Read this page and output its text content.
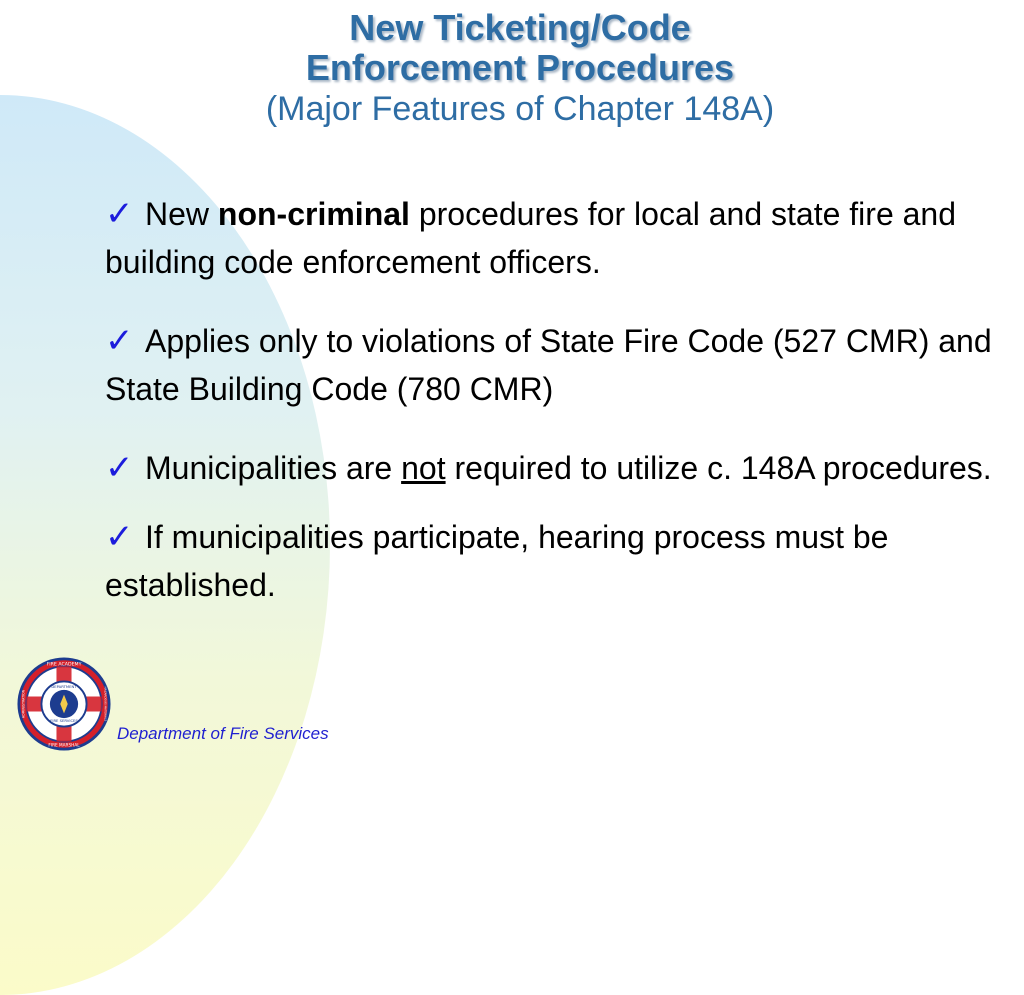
New Ticketing/Code
Enforcement Procedures
(Major Features of Chapter 148A)
✓ New non-criminal procedures for local and state fire and building code enforcement officers.
✓ Applies only to violations of State Fire Code (527 CMR) and State Building Code (780 CMR)
✓ Municipalities are not required to utilize c. 148A procedures.
✓ If municipalities participate, hearing process must be established.
FIRE ACADEMY
DEPARTMENT
OF
FIRE SERVICES
FIRE MARSHAL
ADMINISTRATION	HAZARDOUS MATERIALS
Department of Fire Services
